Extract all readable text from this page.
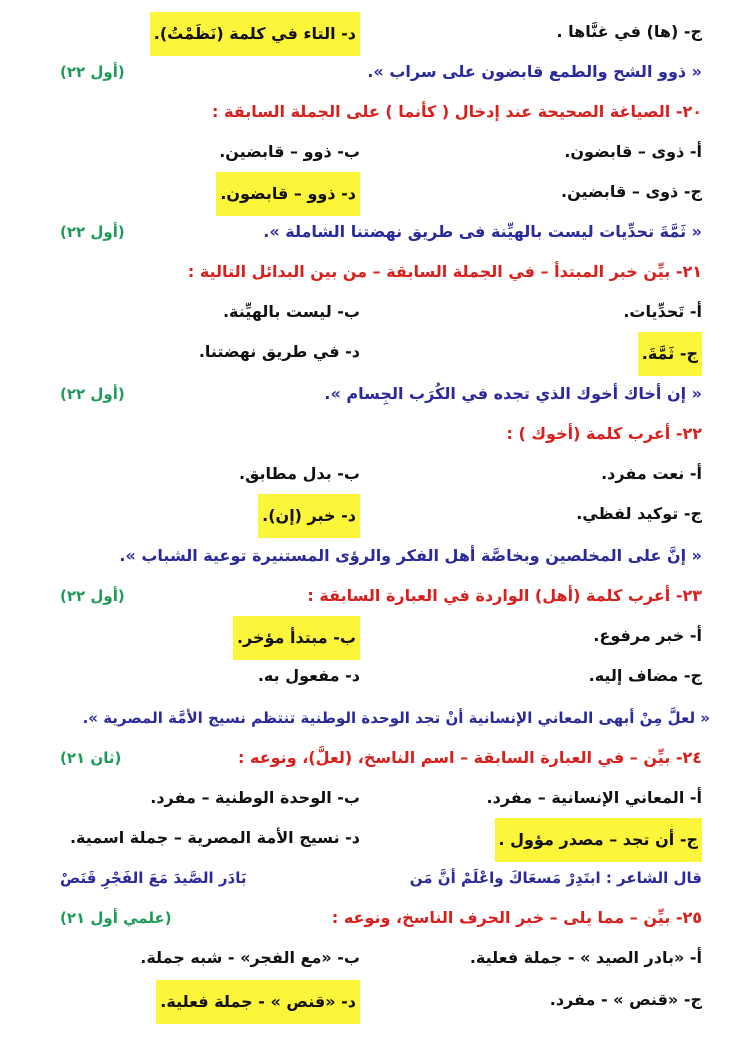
ج- (ها) في غنَّاها .
د- التاء في كلمة (نَظَمْتُ).
« ذوو الشح والطمع قابضون على سراب ».
(أول ٢٢)
٢٠- الصياغة الصحيحة عند إدخال ( كأنما ) على الجملة السابقة :
أ- ذوى – قابضون.
ب- ذوو – قابضين.
ج- ذوى – قابضين.
د- ذوو – قابضون.
« ثَمَّةَ تحدِّيات ليست بالهيِّنة فى طريق نهضتنا الشاملة ».
(أول ٢٢)
٢١- بيِّن خبر المبتدأ – في الجملة السابقة – من بين البدائل التالية :
أ- تَحدِّيات.
ب- ليست بالهيِّنة.
ج- ثَمَّةَ.
د- في طريق نهضتنا.
« إن أخاك أخوك الذي تجده في الكُرَب الجِسام ».
(أول ٢٢)
٢٢- أعرب كلمة (أخوك ) :
أ- نعت مفرد.
ب- بدل مطابق.
ج- توكيد لفظي.
د- خبر (إن).
« إنَّ على المخلصين وبخاصَّة أهل الفكر والرؤى المستنيرة توعية الشباب ».
٢٣- أعرب كلمة (أهل) الواردة في العبارة السابقة :
(أول ٢٢)
أ- خبر مرفوع.
ب- مبتدأ مؤخر.
ج- مضاف إليه.
د- مفعول به.
« لعلَّ مِنْ أبهى المعاني الإنسانية أنْ تجد الوحدة الوطنية تنتظم نسيج الأمَّة المصرية ».
٢٤- بيِّن – في العبارة السابقة – اسم الناسخ، (لعلَّ)، ونوعه :
(ثان ٢١)
أ- المعاني الإنسانية – مفرد.
ب- الوحدة الوطنية – مفرد.
ج- أن تجد – مصدر مؤول .
د- نسيج الأمة المصرية – جملة اسمية.
قال الشاعر : ابتَدِرْ مَسعَاكَ واعْلَمْ أنَّ مَن
بَادَر الصَّيدَ مَعَ الفَجْرِ قَنَصْ
٢٥- بيِّن – مما يلى – خبر الحرف الناسخ، ونوعه :
(علمي أول ٢١)
أ- «بادر الصيد » - جملة فعلية.
ب- «مع الفجر» - شبه جملة.
ج- «قنص » - مفرد.
د- «قنص » - جملة فعلية.
